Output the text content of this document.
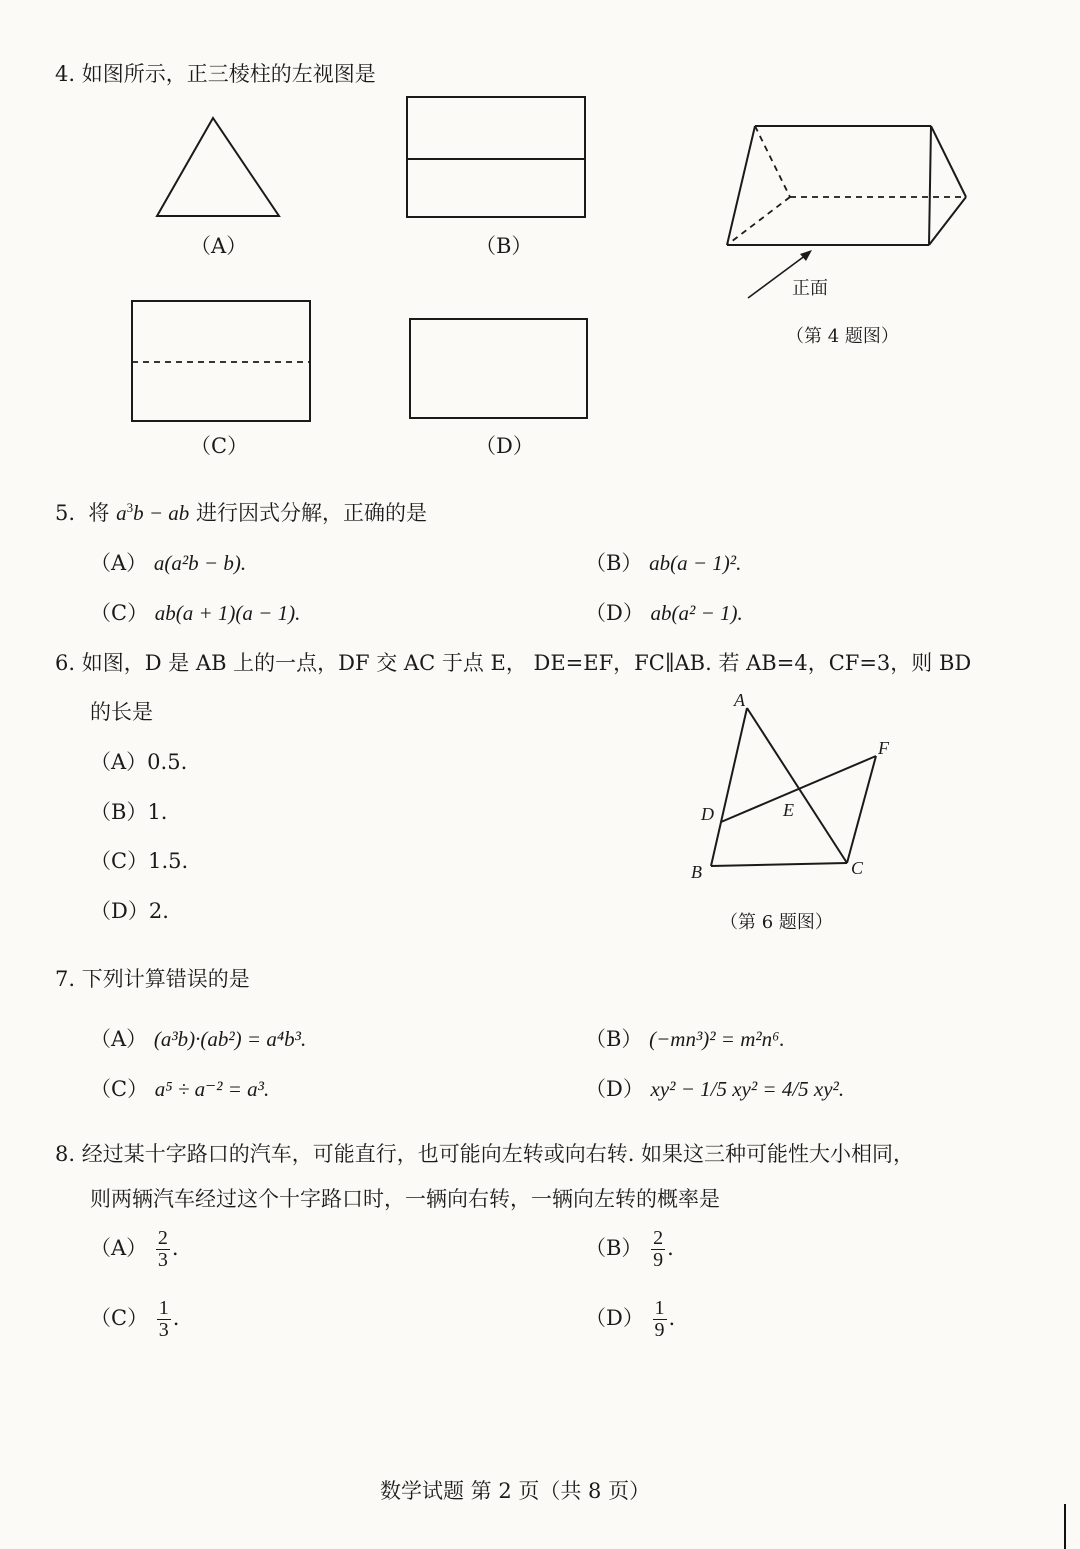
4. 如图所示，正三棱柱的左视图是
（A）	（B）
（C）	（D）
正面
（第 4 题图）
5. 将 $a^3b$ − ab 进行因式分解，正确的是
（A） a(a²b − b).	（B） ab(a − 1)².
（C） ab(a + 1)(a − 1).	（D） ab(a² − 1).
6. 如图，D 是 AB 上的一点，DF 交 AC 于点 E， DE=EF，FC∥AB. 若 AB=4，CF=3，则 BD
的长是
（A）0.5.
（B）1.
（C）1.5.
（D）2.
A
F
D	E
B	C
（第 6 题图）
7. 下列计算错误的是
（A） (a³b)·(ab²) = a⁴b³.	（B） (−mn³)² = m²n⁶.
（C） a⁵ ÷ a⁻² = a³.	（D） xy² − 1/5 xy² = 4/5 xy².
8. 经过某十字路口的汽车，可能直行，也可能向左转或向右转. 如果这三种可能性大小相同，
则两辆汽车经过这个十字路口时，一辆向右转，一辆向左转的概率是
$(A) \frac{2}{3}$ .	$(B) \frac{2}{9}$ .
$(C) \frac{1}{3}$ .	$(D) \frac{1}{9}$ .
数学试题 第 2 页（共 8 页）
